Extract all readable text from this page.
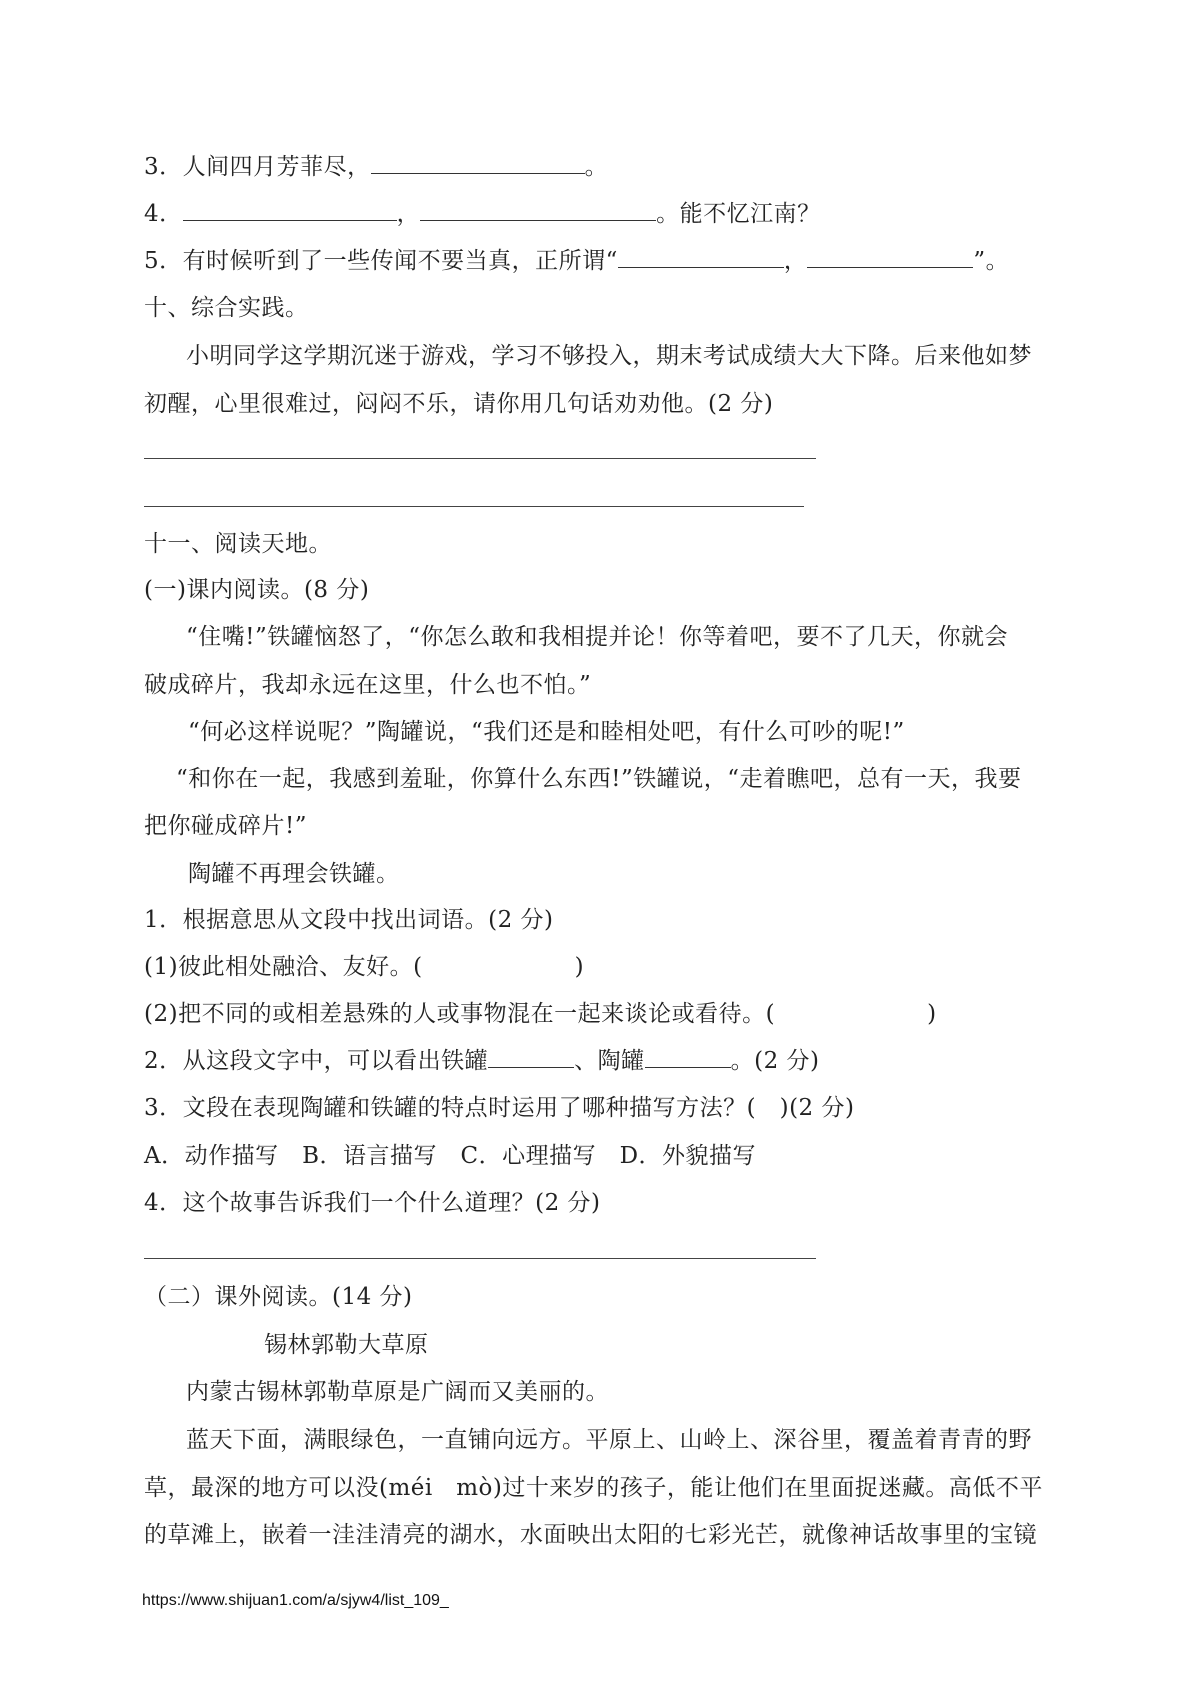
3．人间四月芳菲尽，	。
4．	，	。能不忆江南？
5．有时候听到了一些传闻不要当真，正所谓“	，	”。
十、综合实践。
小明同学这学期沉迷于游戏，学习不够投入，期末考试成绩大大下降。后来他如梦
初醒，心里很难过，闷闷不乐，请你用几句话劝劝他。(2 分)
十一、阅读天地。
(一)课内阅读。(8 分)
“住嘴!”铁罐恼怒了，“你怎么敢和我相提并论！你等着吧，要不了几天，你就会
破成碎片，我却永远在这里，什么也不怕。”
“何必这样说呢？”陶罐说，“我们还是和睦相处吧，有什么可吵的呢!”
“和你在一起，我感到羞耻，你算什么东西!”铁罐说，“走着瞧吧，总有一天，我要
把你碰成碎片!”
陶罐不再理会铁罐。
1．根据意思从文段中找出词语。(2 分)
(1)彼此相处融洽、友好。(	)
(2)把不同的或相差悬殊的人或事物混在一起来谈论或看待。(	)
2．从这段文字中，可以看出铁罐	、陶罐	。(2 分)
3．文段在表现陶罐和铁罐的特点时运用了哪种描写方法？(　)(2 分)
A．动作描写　B．语言描写　C．心理描写　D．外貌描写
4．这个故事告诉我们一个什么道理？(2 分)
（二）课外阅读。(14 分)
锡林郭勒大草原
内蒙古锡林郭勒草原是广阔而又美丽的。
蓝天下面，满眼绿色，一直铺向远方。平原上、山岭上、深谷里，覆盖着青青的野
草，最深的地方可以没(méi　mò)过十来岁的孩子，能让他们在里面捉迷藏。高低不平
的草滩上，嵌着一洼洼清亮的湖水，水面映出太阳的七彩光芒，就像神话故事里的宝镜
https://www.shijuan1.com/a/sjyw4/list_109_
